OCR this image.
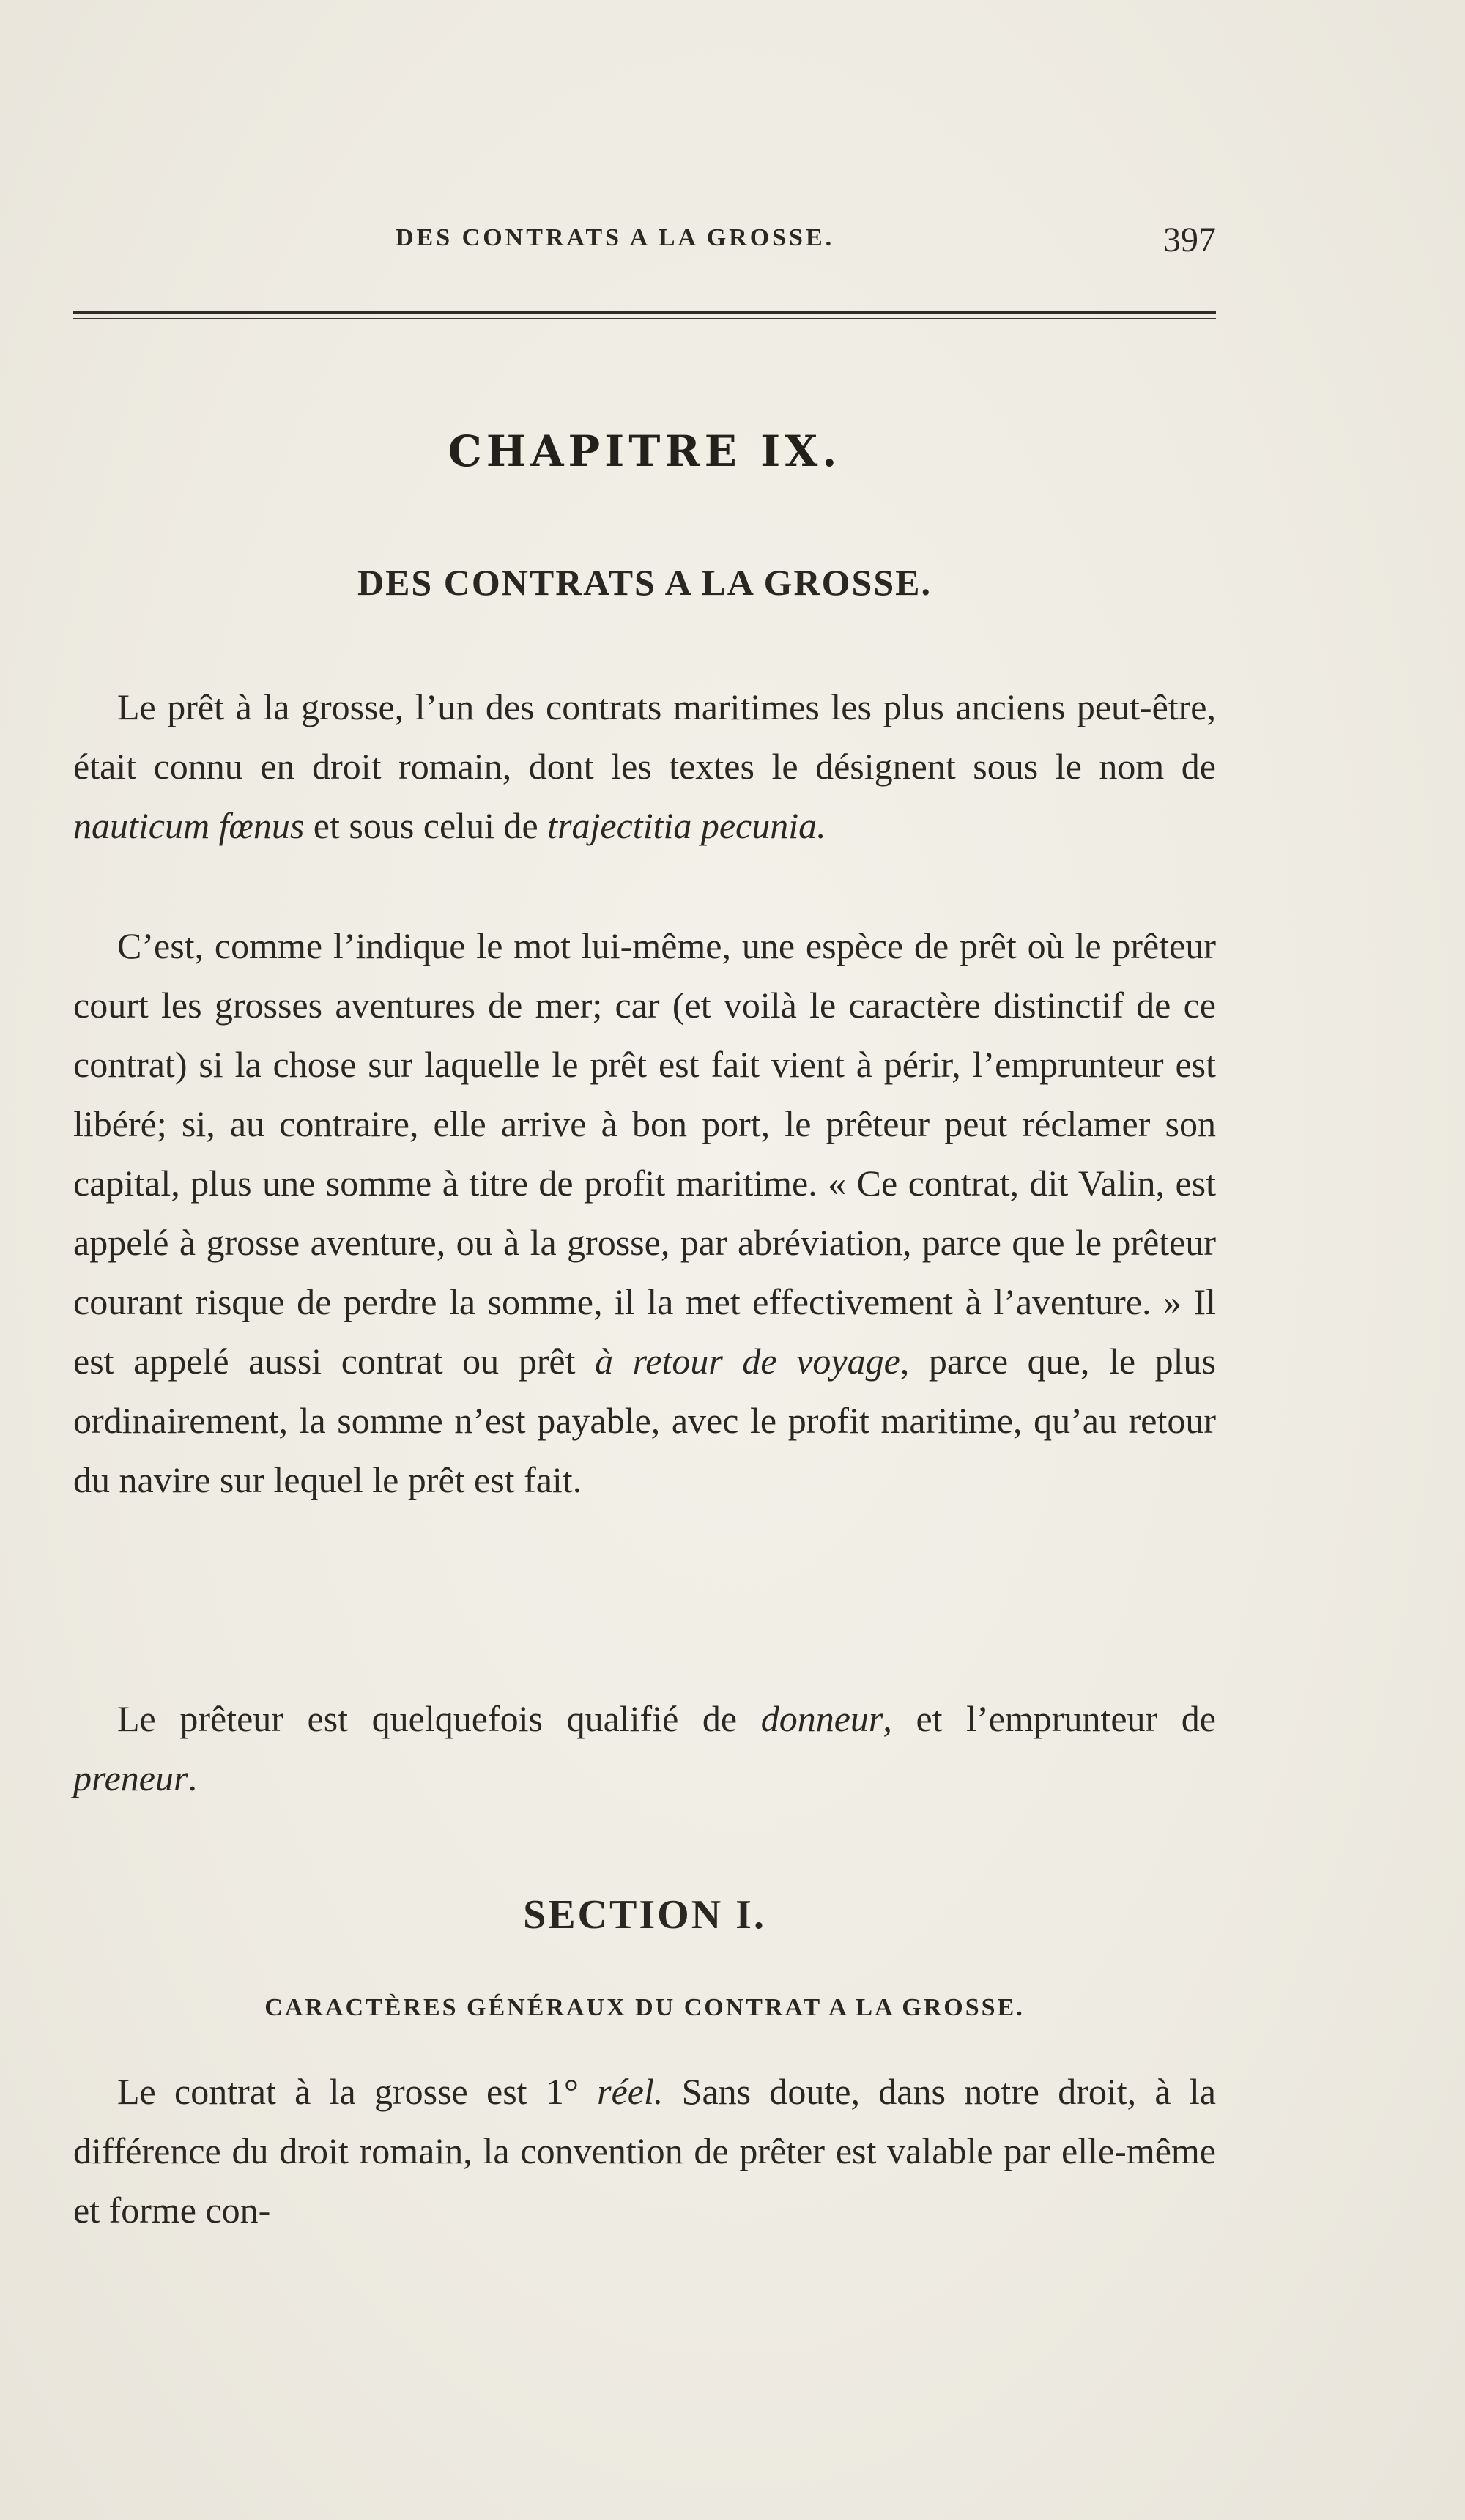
DES CONTRATS A LA GROSSE.	397
CHAPITRE IX.
DES CONTRATS A LA GROSSE.

Le prêt à la grosse, l’un des contrats maritimes les plus anciens peut-être, était connu en droit romain, dont les textes le désignent sous le nom de nauticum fœnus et sous celui de trajectitia pecunia.

C’est, comme l’indique le mot lui-même, une espèce de prêt où le prêteur court les grosses aventures de mer; car (et voilà le caractère distinctif de ce contrat) si la chose sur laquelle le prêt est fait vient à périr, l’emprunteur est libéré; si, au contraire, elle arrive à bon port, le prêteur peut réclamer son capital, plus une somme à titre de profit maritime. « Ce contrat, dit Valin, est appelé à grosse aventure, ou à la grosse, par abréviation, parce que le prêteur courant risque de perdre la somme, il la met effectivement à l’aventure. » Il est appelé aussi contrat ou prêt à retour de voyage, parce que, le plus ordinairement, la somme n’est payable, avec le profit maritime, qu’au retour du navire sur lequel le prêt est fait.

Le prêteur est quelquefois qualifié de donneur, et l’emprunteur de preneur.

SECTION I.
CARACTÈRES GÉNÉRAUX DU CONTRAT A LA GROSSE.

Le contrat à la grosse est 1° réel. Sans doute, dans notre droit, à la différence du droit romain, la convention de prêter est valable par elle-même et forme con-
